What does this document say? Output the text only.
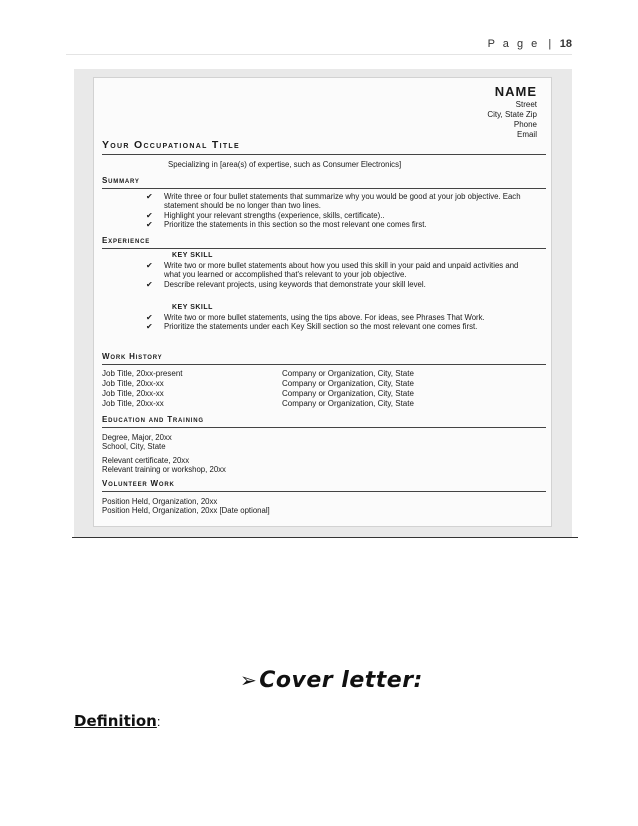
P a g e | 18
NAME
Street
City, State Zip
Phone
Email
Your Occupational Title
Specializing in [area(s) of expertise, such as Consumer Electronics]
Summary
✔ Write three or four bullet statements that summarize why you would be good at your job objective. Each statement should be no longer than two lines.
✔ Highlight your relevant strengths (experience, skills, certificate)..
✔ Prioritize the statements in this section so the most relevant one comes first.
Experience
KEY SKILL
✔ Write two or more bullet statements about how you used this skill in your paid and unpaid activities and what you learned or accomplished that's relevant to your job objective.
✔ Describe relevant projects, using keywords that demonstrate your skill level.
KEY SKILL
✔ Write two or more bullet statements, using the tips above. For ideas, see Phrases That Work.
✔ Prioritize the statements under each Key Skill section so the most relevant one comes first.
Work History
Job Title, 20xx-present	Company or Organization, City, State
Job Title, 20xx-xx	Company or Organization, City, State
Job Title, 20xx-xx	Company or Organization, City, State
Job Title, 20xx-xx	Company or Organization, City, State
Education and Training
Degree, Major, 20xx
School, City, State
Relevant certificate, 20xx
Relevant training or workshop, 20xx
Volunteer Work
Position Held, Organization, 20xx
Position Held, Organization, 20xx [Date optional]
➢Cover letter:
Definition:
